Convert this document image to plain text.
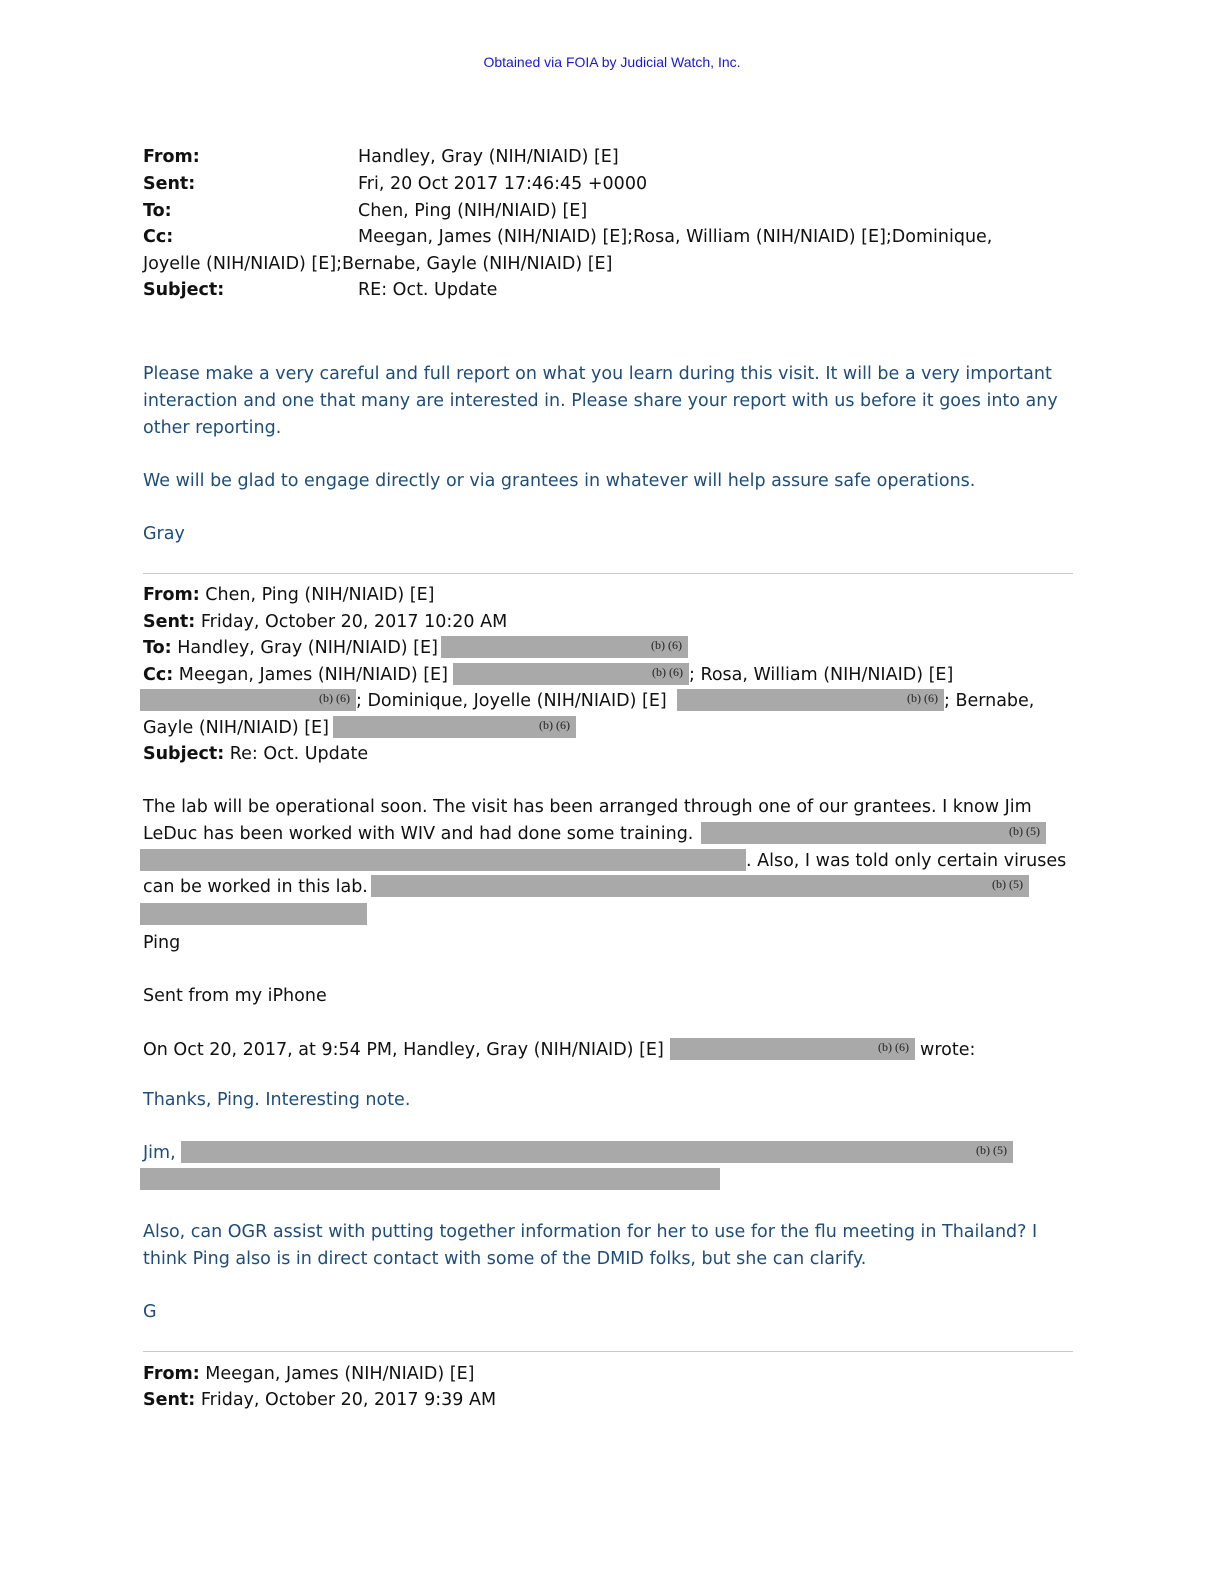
Obtained via FOIA by Judicial Watch, Inc.
From:	Handley, Gray (NIH/NIAID) [E]
Sent:	Fri, 20 Oct 2017 17:46:45 +0000
To:	Chen, Ping (NIH/NIAID) [E]
Cc:	Meegan, James (NIH/NIAID) [E];Rosa, William (NIH/NIAID) [E];Dominique,
Joyelle (NIH/NIAID) [E];Bernabe, Gayle (NIH/NIAID) [E]
Subject:	RE: Oct. Update
Please make a very careful and full report on what you learn during this visit. It will be a very important
interaction and one that many are interested in. Please share your report with us before it goes into any
other reporting.
We will be glad to engage directly or via grantees in whatever will help assure safe operations.
Gray
From: Chen, Ping (NIH/NIAID) [E]
Sent: Friday, October 20, 2017 10:20 AM
To: Handley, Gray (NIH/NIAID) [E]	(b) (6)
Cc: Meegan, James (NIH/NIAID) [E]	(b) (6) ; Rosa, William (NIH/NIAID) [E]
(b) (6) ; Dominique, Joyelle (NIH/NIAID) [E]	(b) (6) ; Bernabe,
Gayle (NIH/NIAID) [E]	(b) (6)
Subject: Re: Oct. Update
The lab will be operational soon. The visit has been arranged through one of our grantees. I know Jim
LeDuc has been worked with WIV and had done some training.	(b) (5)
. Also, I was told only certain viruses
can be worked in this lab.	(b) (5)
Ping
Sent from my iPhone
On Oct 20, 2017, at 9:54 PM, Handley, Gray (NIH/NIAID) [E]	(b) (6) wrote:
Thanks, Ping. Interesting note.
Jim,	(b) (5)
Also, can OGR assist with putting together information for her to use for the flu meeting in Thailand? I
think Ping also is in direct contact with some of the DMID folks, but she can clarify.
G
From: Meegan, James (NIH/NIAID) [E]
Sent: Friday, October 20, 2017 9:39 AM
